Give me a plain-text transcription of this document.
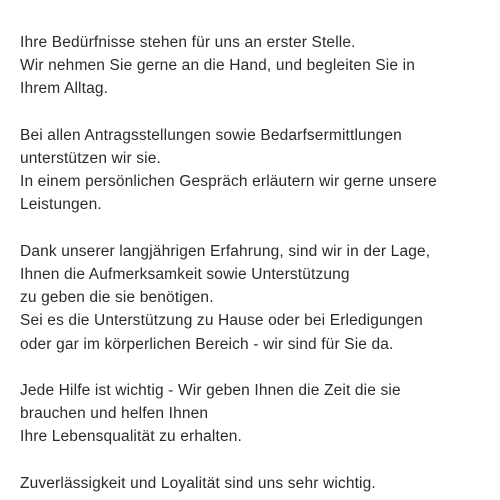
Ihre Bedürfnisse stehen für uns an erster Stelle.
Wir nehmen Sie gerne an die Hand, und begleiten Sie in
Ihrem Alltag.

Bei allen Antragsstellungen sowie Bedarfsermittlungen
unterstützen wir sie.
In einem persönlichen Gespräch erläutern wir gerne unsere
Leistungen.

Dank unserer langjährigen Erfahrung, sind wir in der Lage,
Ihnen die Aufmerksamkeit sowie Unterstützung
zu geben die sie benötigen.
Sei es die Unterstützung zu Hause oder bei Erledigungen
oder gar im körperlichen Bereich - wir sind für Sie da.

Jede Hilfe ist wichtig - Wir geben Ihnen die Zeit die sie
brauchen und helfen Ihnen
Ihre Lebensqualität zu erhalten.

Zuverlässigkeit und Loyalität sind uns sehr wichtig.
